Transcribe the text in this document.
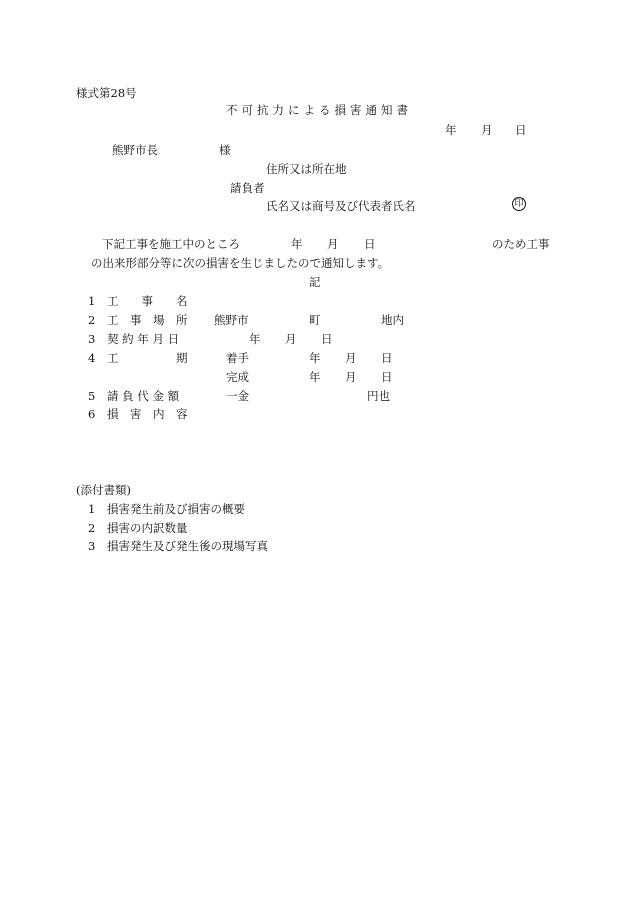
様式第28号
不可抗力による損害通知書
年 月 日
熊野市長	様
住所又は所在地
請負者
氏名又は商号及び代表者氏名	印
下記工事を施工中のところ	年 月 日	のため工事
の出来形部分等に次の損害を生じましたので通知します。
記
1 工　　事　　名
2 工　事　場　所 熊野市	町	地内
3 契 約 年 月 日	年 月 日
4 工　　　　　期	着手	年 月 日
完成	年 月 日
5 請 負 代 金 額	一金	円也
6 損　害　内　容
(添付書類)
1 損害発生前及び損害の概要
2 損害の内訳数量
3 損害発生及び発生後の現場写真
